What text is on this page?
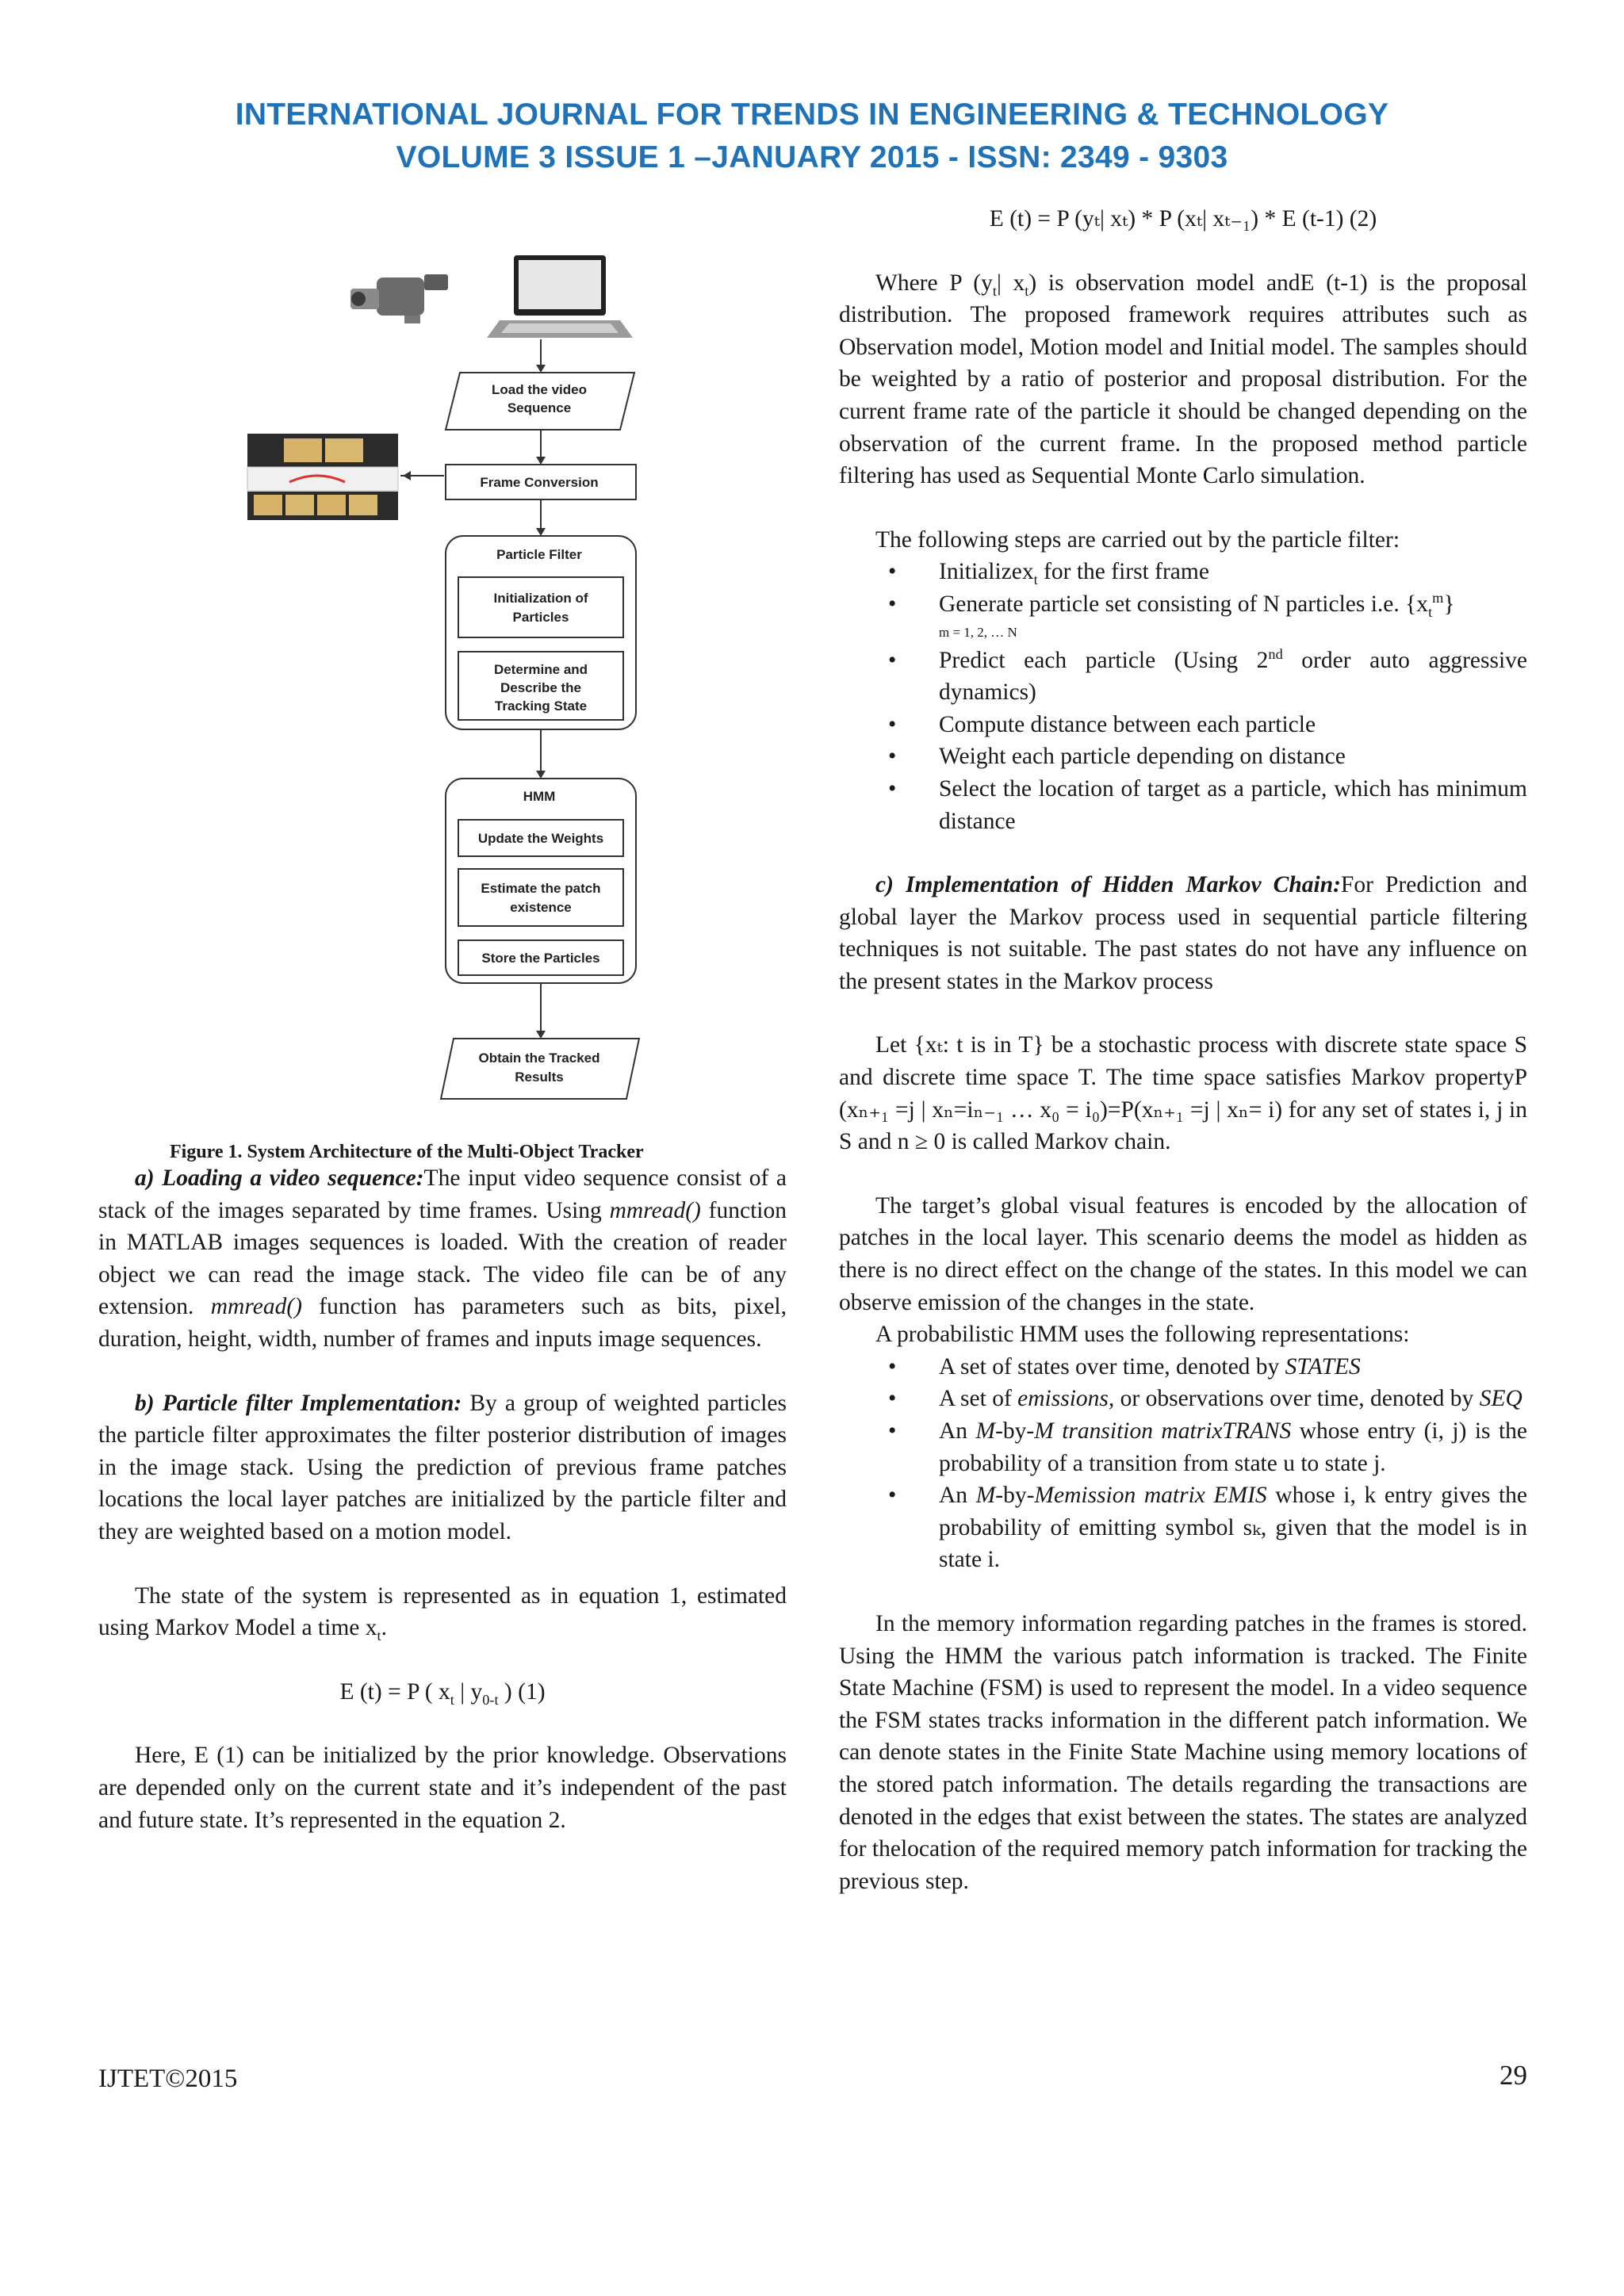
INTERNATIONAL JOURNAL FOR TRENDS IN ENGINEERING & TECHNOLOGY
VOLUME 3 ISSUE 1 –JANUARY 2015 - ISSN: 2349 - 9303
Load the video
Sequence
Frame Conversion
Particle Filter
Initialization of
Particles
Determine and
Describe the
Tracking State
HMM
Update the Weights
Estimate the patch
existence
Store the Particles
Obtain the Tracked
Results
Figure 1. System Architecture of the Multi-Object Tracker

a) Loading a video sequence:The input video sequence consist of a stack of the images separated by time frames. Using mmread() function in MATLAB images sequences is loaded. With the creation of reader object we can read the image stack. The video file can be of any extension. mmread() function has parameters such as bits, pixel, duration, height, width, number of frames and inputs image sequences.

b) Particle filter Implementation: By a group of weighted particles the particle filter approximates the filter posterior distribution of images in the image stack. Using the prediction of previous frame patches locations the local layer patches are initialized by the particle filter and they are weighted based on a motion model.

The state of the system is represented as in equation 1, estimated using Markov Model a time $x_t$.

E (t) = P ( $x_t$ | $y_{0-t}$ ) (1)

Here, E (1) can be initialized by the prior knowledge. Observations are depended only on the current state and it’s independent of the past and future state. It’s represented in the equation 2.

E (t) = P (yₜ| xₜ) * P (xₜ| xₜ₋₁) * E (t-1) (2)

Where P ($y_t|$ $x_t$) is observation model andE (t-1) is the proposal distribution. The proposed framework requires attributes such as Observation model, Motion model and Initial model. The samples should be weighted by a ratio of posterior and proposal distribution. For the current frame rate of the particle it should be changed depending on the observation of the current frame. In the proposed method particle filtering has used as Sequential Monte Carlo simulation.

The following steps are carried out by the particle filter:

• Initializex$_t$ for the first frame
• Generate particle set consisting of N particles i.e. $\{x_t^m\}$
m = 1, 2, … N
• Predict each particle (Using 2nd order auto aggressive dynamics)
• Compute distance between each particle
• Weight each particle depending on distance
• Select the location of target as a particle, which has minimum distance

c) Implementation of Hidden Markov Chain:For Prediction and global layer the Markov process used in sequential particle filtering techniques is not suitable. The past states do not have any influence on the present states in the Markov process

Let {xₜ: t is in T} be a stochastic process with discrete state space S and discrete time space T. The time space satisfies Markov propertyP (xₙ₊₁ =j | xₙ=iₙ₋₁ … x₀ = i₀)=P(xₙ₊₁ =j | xₙ= i) for any set of states i, j in S and n ≥ 0 is called Markov chain.

The target’s global visual features is encoded by the allocation of patches in the local layer. This scenario deems the model as hidden as there is no direct effect on the change of the states. In this model we can observe emission of the changes in the state.

A probabilistic HMM uses the following representations:

• A set of states over time, denoted by STATES
• A set of emissions, or observations over time, denoted by SEQ
• An M-by-M transition matrixTRANS whose entry (i, j) is the probability of a transition from state u to state j.
• An M-by-Memission matrix EMIS whose i, k entry gives the probability of emitting symbol sₖ, given that the model is in state i.

In the memory information regarding patches in the frames is stored. Using the HMM the various patch information is tracked. The Finite State Machine (FSM) is used to represent the model. In a video sequence the FSM states tracks information in the different patch information. We can denote states in the Finite State Machine using memory locations of the stored patch information. The details regarding the transactions are denoted in the edges that exist between the states. The states are analyzed for thelocation of the required memory patch information for tracking the previous step.

IJTET©2015	29
